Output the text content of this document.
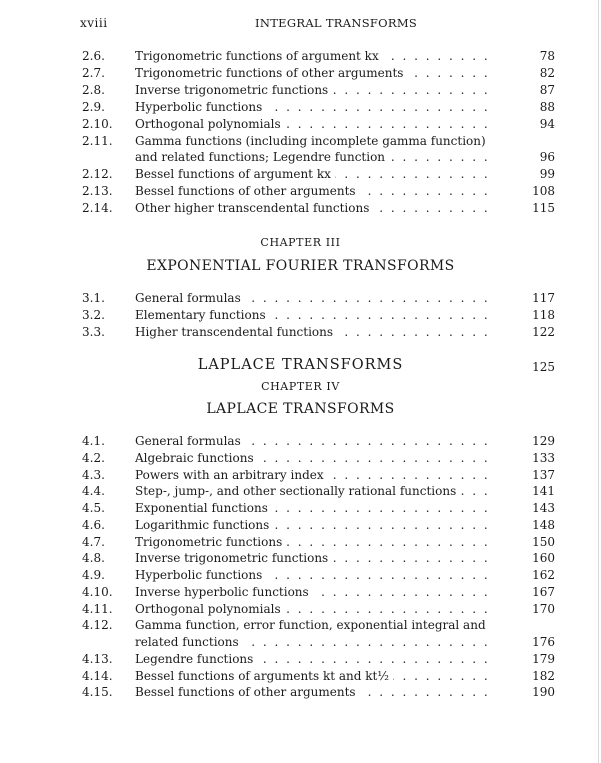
xviii	INTEGRAL TRANSFORMS
2.6.	Trigonometric functions of argument kx . . .	78
2.7.	Trigonometric functions of other arguments . . .	82
2.8.	Inverse trigonometric functions . . .	87
2.9.	Hyperbolic functions . . .	88
2.10. Orthogonal polynomials . . .	94
2.11. Gamma functions (including incomplete gamma function)
and related functions; Legendre function . . .	96
2.12. Bessel functions of argument kx . . .	99
2.13. Bessel functions of other arguments . . .	108
2.14. Other higher transcendental functions . . .	115
CHAPTER III
EXPONENTIAL FOURIER TRANSFORMS
3.1.	General formulas . . .	117
3.2.	Elementary functions . . .	118
3.3.	Higher transcendental functions . . .	122
LAPLACE TRANSFORMS	125
CHAPTER IV
LAPLACE TRANSFORMS
4.1.	General formulas . . .	129
4.2.	Algebraic functions . . .	133
4.3.	Powers with an arbitrary index . . .	137
4.4.	Step-, jump-, and other sectionally rational functions . . .	141
4.5.	Exponential functions . . .	143
4.6.	Logarithmic functions . . .	148
4.7.	Trigonometric functions . . .	150
4.8.	Inverse trigonometric functions . . .	160
4.9.	Hyperbolic functions . . .	162
4.10. Inverse hyperbolic functions . . .	167
4.11. Orthogonal polynomials . . .	170
4.12. Gamma function, error function, exponential integral and
related functions . . .	176
4.13. Legendre functions . . .	179
4.14. Bessel functions of arguments kt and kt½ . . .	182
4.15. Bessel functions of other arguments . . .	190
